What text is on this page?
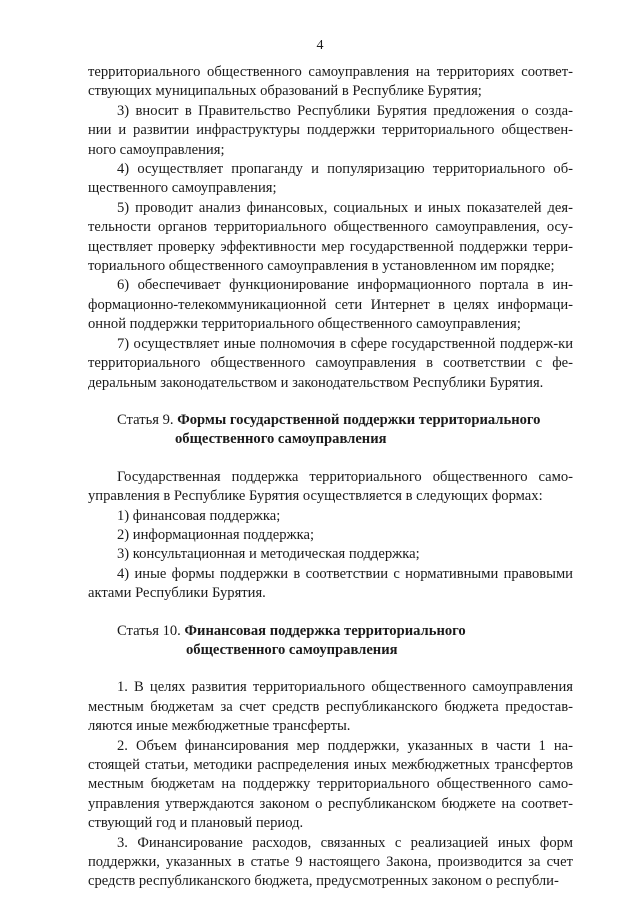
4

территориального общественного самоуправления на территориях соответ-ствующих муниципальных образований в Республике Бурятия;

3) вносит в Правительство Республики Бурятия предложения о созда-нии и развитии инфраструктуры поддержки территориального обществен-ного самоуправления;

4) осуществляет пропаганду и популяризацию территориального об-щественного самоуправления;

5) проводит анализ финансовых, социальных и иных показателей дея-тельности органов территориального общественного самоуправления, осу-ществляет проверку эффективности мер государственной поддержки терри-ториального общественного самоуправления в установленном им порядке;

6) обеспечивает функционирование информационного портала в ин-формационно-телекоммуникационной сети Интернет в целях информаци-онной поддержки территориального общественного самоуправления;

7) осуществляет иные полномочия в сфере государственной поддерж-ки территориального общественного самоуправления в соответствии с фе-деральным законодательством и законодательством Республики Бурятия.

Статья 9. Формы государственной поддержки территориального
общественного самоуправления

Государственная поддержка территориального общественного само-управления в Республике Бурятия осуществляется в следующих формах:

1) финансовая поддержка;

2) информационная поддержка;

3) консультационная и методическая поддержка;

4) иные формы поддержки в соответствии с нормативными правовыми актами Республики Бурятия.

Статья 10. Финансовая поддержка территориального
общественного самоуправления

1. В целях развития территориального общественного самоуправления местным бюджетам за счет средств республиканского бюджета предостав-ляются иные межбюджетные трансферты.

2. Объем финансирования мер поддержки, указанных в части 1 на-стоящей статьи, методики распределения иных межбюджетных трансфертов местным бюджетам на поддержку территориального общественного само-управления утверждаются законом о республиканском бюджете на соответ-ствующий год и плановый период.

3. Финансирование расходов, связанных с реализацией иных форм поддержки, указанных в статье 9 настоящего Закона, производится за счет средств республиканского бюджета, предусмотренных законом о республи-
